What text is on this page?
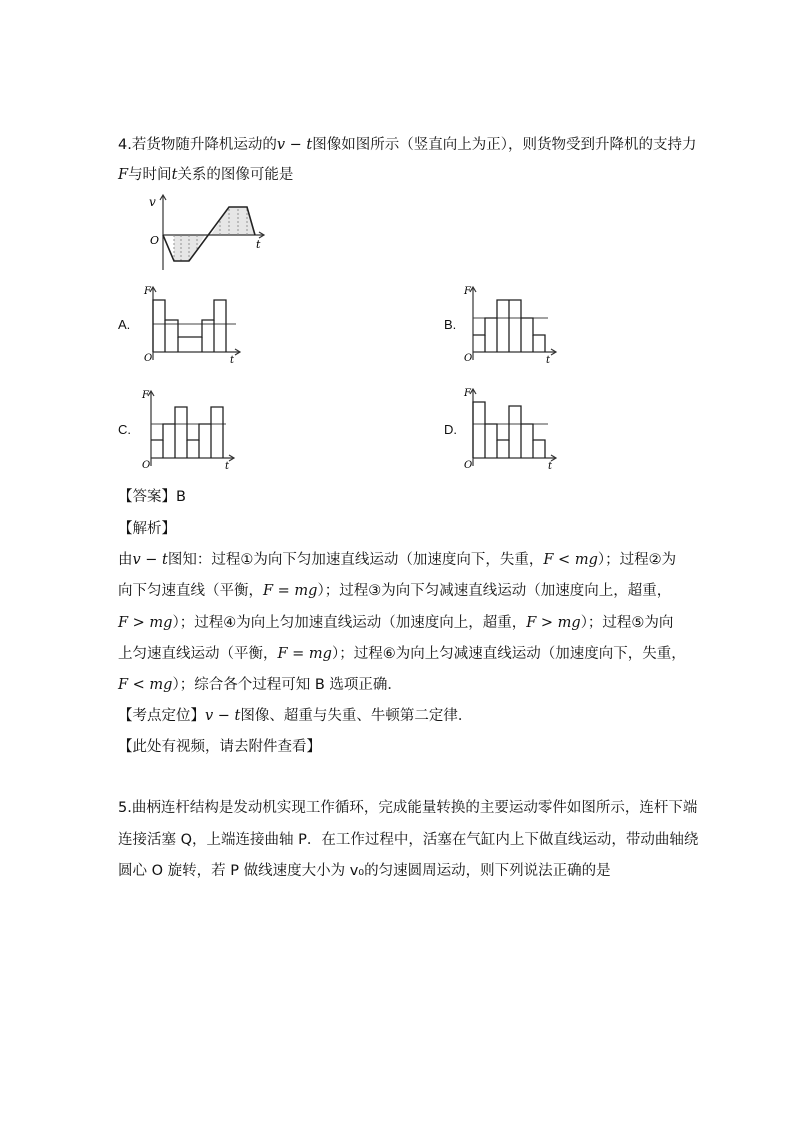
4.若货物随升降机运动的v − t图像如图所示（竖直向上为正），则货物受到升降机的支持力
F与时间t关系的图像可能是
v
t
O
A.
F
t
O
B.
F
t
O
C.
F
t
O
D.
F
t
O
【答案】B
【解析】
由v − t图知：过程①为向下匀加速直线运动（加速度向下，失重，F < mg）；过程②为
向下匀速直线（平衡，F = mg）；过程③为向下匀减速直线运动（加速度向上，超重，
F > mg）；过程④为向上匀加速直线运动（加速度向上，超重，F > mg）；过程⑤为向
上匀速直线运动（平衡，F = mg）；过程⑥为向上匀减速直线运动（加速度向下，失重，
F < mg）；综合各个过程可知 B 选项正确．
【考点定位】v − t图像、超重与失重、牛顿第二定律．
【此处有视频，请去附件查看】
5.曲柄连杆结构是发动机实现工作循环，完成能量转换的主要运动零件如图所示，连杆下端
连接活塞 Q，上端连接曲轴 P．在工作过程中，活塞在气缸内上下做直线运动，带动曲轴绕
圆心 O 旋转，若 P 做线速度大小为 v₀的匀速圆周运动，则下列说法正确的是
